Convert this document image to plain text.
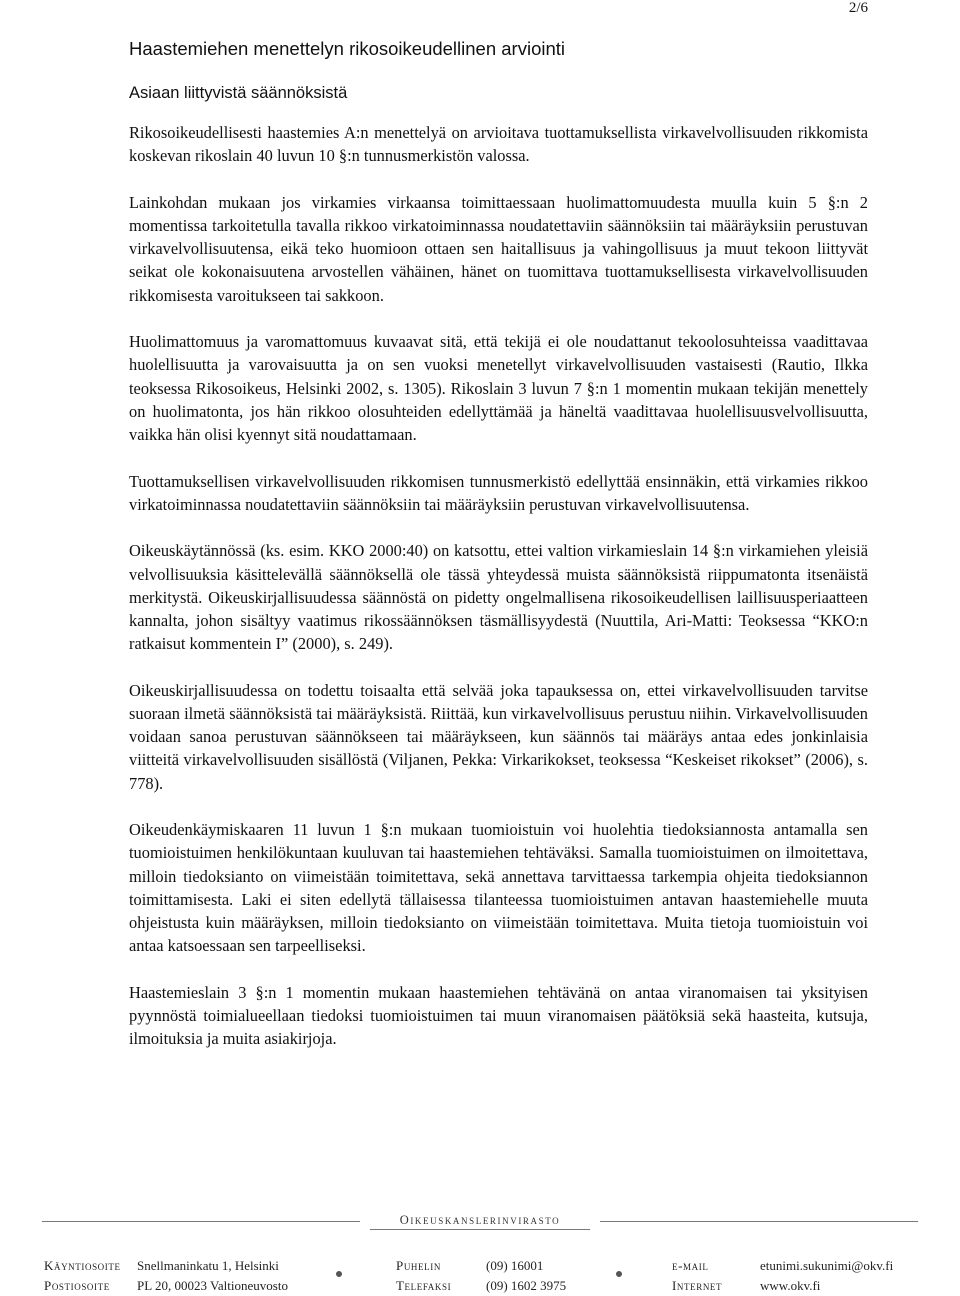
2/6
Haastemiehen menettelyn rikosoikeudellinen arviointi
Asiaan liittyvistä säännöksistä

Rikosoikeudellisesti haastemies A:n menettelyä on arvioitava tuottamuksellista virkavelvollisuuden rikkomista koskevan rikoslain 40 luvun 10 §:n tunnusmerkistön valossa.

Lainkohdan mukaan jos virkamies virkaansa toimittaessaan huolimattomuudesta muulla kuin 5 §:n 2 momentissa tarkoitetulla tavalla rikkoo virkatoiminnassa noudatettaviin säännöksiin tai määräyksiin perustuvan virkavelvollisuutensa, eikä teko huomioon ottaen sen haitallisuus ja vahingollisuus ja muut tekoon liittyvät seikat ole kokonaisuutena arvostellen vähäinen, hänet on tuomittava tuottamuksellisesta virkavelvollisuuden rikkomisesta varoitukseen tai sakkoon.

Huolimattomuus ja varomattomuus kuvaavat sitä, että tekijä ei ole noudattanut tekoolosuhteissa vaadittavaa huolellisuutta ja varovaisuutta ja on sen vuoksi menetellyt virkavelvollisuuden vastaisesti (Rautio, Ilkka teoksessa Rikosoikeus, Helsinki 2002, s. 1305). Rikoslain 3 luvun 7 §:n 1 momentin mukaan tekijän menettely on huolimatonta, jos hän rikkoo olosuhteiden edellyttämää ja häneltä vaadittavaa huolellisuusvelvollisuutta, vaikka hän olisi kyennyt sitä noudattamaan.

Tuottamuksellisen virkavelvollisuuden rikkomisen tunnusmerkistö edellyttää ensinnäkin, että virkamies rikkoo virkatoiminnassa noudatettaviin säännöksiin tai määräyksiin perustuvan virkavelvollisuutensa.

Oikeuskäytännössä (ks. esim. KKO 2000:40) on katsottu, ettei valtion virkamieslain 14 §:n virkamiehen yleisiä velvollisuuksia käsittelevällä säännöksellä ole tässä yhteydessä muista säännöksistä riippumatonta itsenäistä merkitystä. Oikeuskirjallisuudessa säännöstä on pidetty ongelmallisena rikosoikeudellisen laillisuusperiaatteen kannalta, johon sisältyy vaatimus rikossäännöksen täsmällisyydestä (Nuuttila, Ari-Matti: Teoksessa “KKO:n ratkaisut kommentein I” (2000), s. 249).

Oikeuskirjallisuudessa on todettu toisaalta että selvää joka tapauksessa on, ettei virkavelvollisuuden tarvitse suoraan ilmetä säännöksistä tai määräyksistä. Riittää, kun virkavelvollisuus perustuu niihin. Virkavelvollisuuden voidaan sanoa perustuvan säännökseen tai määräykseen, kun säännös tai määräys antaa edes jonkinlaisia viitteitä virkavelvollisuuden sisällöstä (Viljanen, Pekka: Virkarikokset, teoksessa “Keskeiset rikokset” (2006), s. 778).

Oikeudenkäymiskaaren 11 luvun 1 §:n mukaan tuomioistuin voi huolehtia tiedoksiannosta antamalla sen tuomioistuimen henkilökuntaan kuuluvan tai haastemiehen tehtäväksi. Samalla tuomioistuimen on ilmoitettava, milloin tiedoksianto on viimeistään toimitettava, sekä annettava tarvittaessa tarkempia ohjeita tiedoksiannon toimittamisesta. Laki ei siten edellytä tällaisessa tilanteessa tuomioistuimen antavan haastemiehelle muuta ohjeistusta kuin määräyksen, milloin tiedoksianto on viimeistään toimitettava. Muita tietoja tuomioistuin voi antaa katsoessaan sen tarpeelliseksi.

Haastemieslain 3 §:n 1 momentin mukaan haastemiehen tehtävänä on antaa viranomaisen tai yksityisen pyynnöstä toimialueellaan tiedoksi tuomioistuimen tai muun viranomaisen päätöksiä sekä haasteita, kutsuja, ilmoituksia ja muita asiakirjoja.

Oikeuskanslerinvirasto
Käyntiosoite
Postiosoite
Snellmaninkatu 1, Helsinki
PL 20, 00023 Valtioneuvosto
Puhelin
Telefaksi
(09) 16001
(09) 1602 3975
e-mail
Internet
etunimi.sukunimi@okv.fi
www.okv.fi
